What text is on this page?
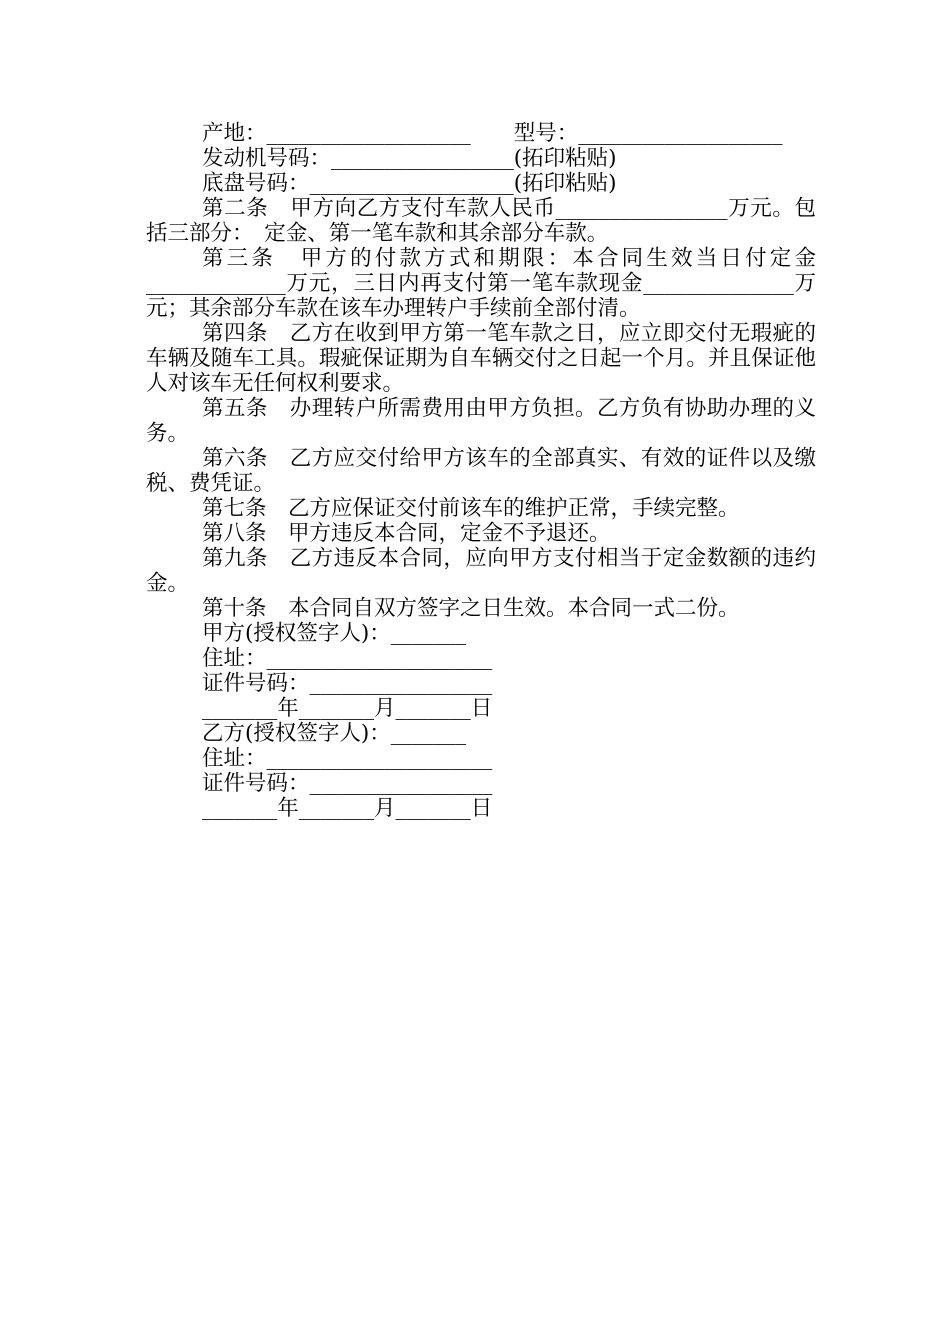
产地：___________________　　型号：___________________
发动机号码：_________________(拓印粘贴)
底盘号码：___________________(拓印粘贴)
第二条　甲方向乙方支付车款人民币________________万元。包括三部分：　定金、第一笔车款和其余部分车款。
第三条　甲方的付款方式和期限：本合同生效当日付定金_____________万元，三日内再支付第一笔车款现金______________万元；其余部分车款在该车办理转户手续前全部付清。
第四条　乙方在收到甲方第一笔车款之日，应立即交付无瑕疵的车辆及随车工具。瑕疵保证期为自车辆交付之日起一个月。并且保证他人对该车无任何权利要求。
第五条　办理转户所需费用由甲方负担。乙方负有协助办理的义务。
第六条　乙方应交付给甲方该车的全部真实、有效的证件以及缴税、费凭证。
第七条　乙方应保证交付前该车的维护正常，手续完整。
第八条　甲方违反本合同，定金不予退还。
第九条　乙方违反本合同，应向甲方支付相当于定金数额的违约金。
第十条　本合同自双方签字之日生效。本合同一式二份。
甲方(授权签字人)：_______
住址：_____________________
证件号码：_________________
_______年_______月_______日
乙方(授权签字人)：_______
住址：_____________________
证件号码：_________________
_______年_______月_______日
